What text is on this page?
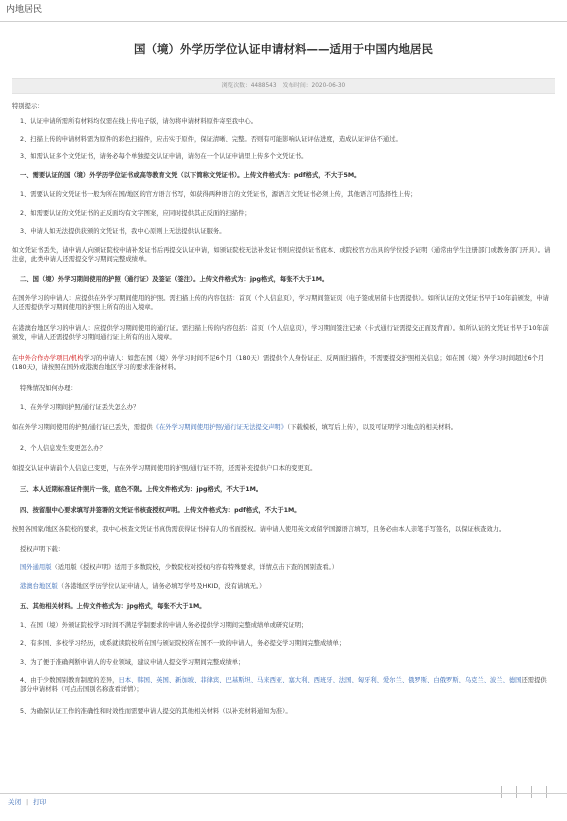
内地居民
国（境）外学历学位认证申请材料——适用于中国内地居民
浏览次数：4488543 发布时间：2020-06-30
特别提示：
1、认证申请所需所有材料均仅需在线上传电子版，请勿将申请材料原件寄至我中心。
2、扫描上传的申请材料需为原件的彩色扫描件，应击实于原件，保证清晰、完整。否则有可能影响认证评估进度，造成认证评估不通过。
3、如需认证多个文凭证书，请务必每个单独提交认证申请，请勿在一个认证申请里上传多个文凭证书。
一、需要认证的国（境）外学历学位证书或高等教育文凭（以下简称文凭证书）。上传文件格式为：pdf格式，不大于5M。
1、需要认证的文凭证书一般为所在国/地区的官方语言书写，如获得两种语言的文凭证书，源语言文凭证书必须上传，其他语言可选择性上传；
2、如需要认证的文凭证书的正反面均有文字图案，应同时提供其正反面的扫描件；
3、申请人如无法提供获颁的文凭证书，我中心原则上无法提供认证服务。
如文凭证书丢失，请申请人向颁证院校申请补发证书后再提交认证申请，如颁证院校无法补发证书则应提供证书底本、或院校官方出具的学位授予证明（通常由学生注册部门或教务部门开具）。请注意，此类申请人还需提交学习期间完整成绩单。
二、国（境）外学习期间使用的护照（通行证）及签证（签注）。上传文件格式为：jpg格式，每张不大于1M。
在国外学习的申请人：应提供在外学习期间使用的护照。需扫描上传的内容包括：首页（个人信息页），学习期间签证页（电子签或居留卡也需提供）。如所认证的文凭证书早于10年前颁发，申请人还需提供学习期间使用的护照上所有的出入境章。
在港澳台地区学习的申请人：应提供学习期间使用的通行证。需扫描上传的内容包括：首页（个人信息页），学习期间签注记录（卡式通行证需提交正面及背面）。如所认证的文凭证书早于10年前颁发，申请人还需提供学习期间通行证上所有的出入境章。
在中外合作办学项目/机构学习的申请人：如您在国（境）外学习时间不足6个月（180天）需提供个人身份证正、反两面扫描件，不需要提交护照相关信息；如在国（境）外学习时间超过6个月(180天)，请按照在国外或港澳台地区学习的要求准备材料。
特殊情况如何办理：
1、在外学习期间护照/通行证丢失怎么办？
如在外学习期间使用的护照/通行证已丢失，需提供《在外学习期间使用护照/通行证无法提交声明》（下载模板，填写后上传），以及可证明学习地点的相关材料。
2、个人信息发生变更怎么办？
如提交认证申请前个人信息已变更，与在外学习期间使用的护照/通行证不符，还需补充提供户口本的变更页。
三、本人近期标准证件照片一张，底色不限。上传文件格式为：jpg格式，不大于1M。
四、按留服中心要求填写并签署的文凭证书核查授权声明。上传文件格式为：pdf格式，不大于1M。
按照各国家/地区各院校的要求，我中心核查文凭证书真伪需获得证书持有人的书面授权。请申请人使用英文或留学国源语言填写，且务必由本人亲笔手写签名，以保证核查效力。
授权声明下载：
国外通用版（适用版《授权声明》适用于多数院校，少数院校对授权内容有特殊要求，详情点击下查的国别查看。）
港澳台地区版（各港地区学历学位认证申请人，请务必填写学号及HKID，没有请填无。）
五、其他相关材料。上传文件格式为：jpg格式，每张不大于1M。
1、在国（境）外颁证院校学习时间不满足学制要求的申请人务必提供学习期间完整成绩单或研究证明；
2、有多国、多校学习经历，或系就读院校所在国与颁证院校所在国不一致的申请人，务必提交学习期间完整成绩单；
3、为了便于准确判断申请人的专业领域，建议申请人提交学习期间完整成绩单；
4、由于少数国别教育制度的差异，日本、韩国、英国、新加坡、菲律宾、巴基斯坦、马来西亚、塞大利、西班牙、法国、匈牙利、爱尔兰、俄罗斯、白俄罗斯、乌克兰、波兰、德国还需提供部分申请材料（可点击国别名称查看详情）；
5、为确保认证工作的准确性和时效性而需要申请人提交的其他相关材料（以补充材料通知为准）。
关闭 | 打印
